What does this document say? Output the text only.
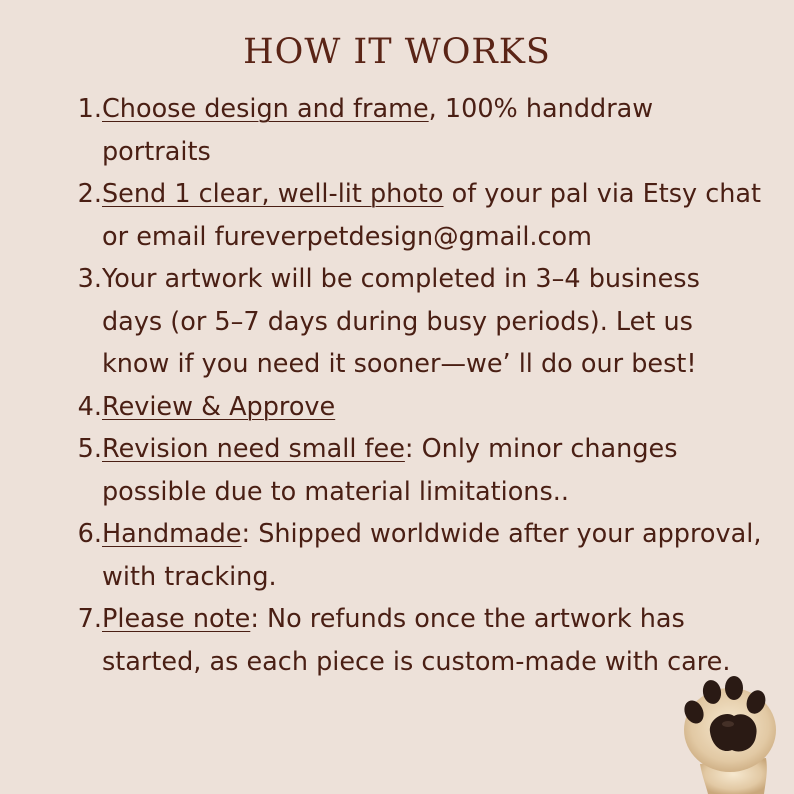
HOW IT WORKS
1. Choose design and frame, 100% handdraw portraits
2. Send 1 clear, well-lit photo of your pal via Etsy chat or email fureverpetdesign@gmail.com
3. Your artwork will be completed in 3–4 business days (or 5–7 days during busy periods). Let us know if you need it sooner—we’ ll do our best!
4. Review & Approve
5. Revision need small fee: Only minor changes possible due to material limitations..
6. Handmade: Shipped worldwide after your approval, with tracking.
7. Please note: No refunds once the artwork has started, as each piece is custom-made with care.
